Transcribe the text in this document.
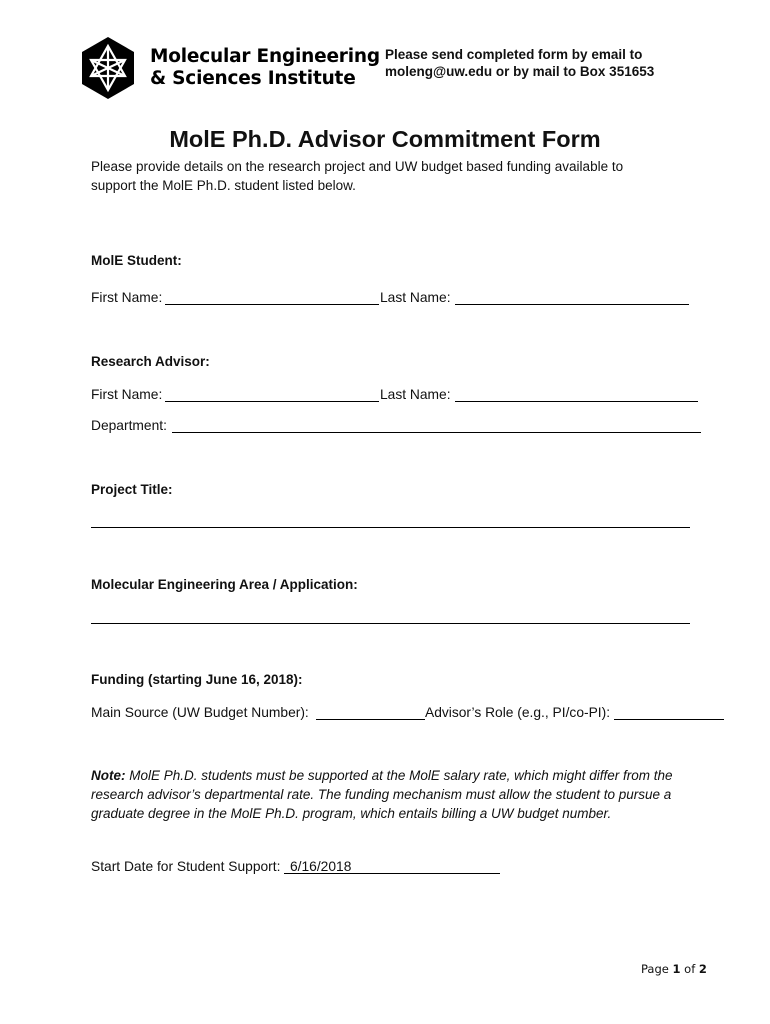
Molecular Engineering
& Sciences Institute
Please send completed form by email to
moleng@uw.edu or by mail to Box 351653
MolE Ph.D. Advisor Commitment Form
Please provide details on the research project and UW budget based funding available to
support the MolE Ph.D. student listed below.
MolE Student:
First Name:	Last Name:
Research Advisor:
First Name:	Last Name:
Department:
Project Title:
Molecular Engineering Area / Application:
Funding (starting June 16, 2018):
Main Source (UW Budget Number):	Advisor’s Role (e.g., PI/co-PI):
Note: MolE Ph.D. students must be supported at the MolE salary rate, which might differ from the
research advisor’s departmental rate. The funding mechanism must allow the student to pursue a
graduate degree in the MolE Ph.D. program, which entails billing a UW budget number.
Start Date for Student Support: 6/16/2018
Page 1 of 2
